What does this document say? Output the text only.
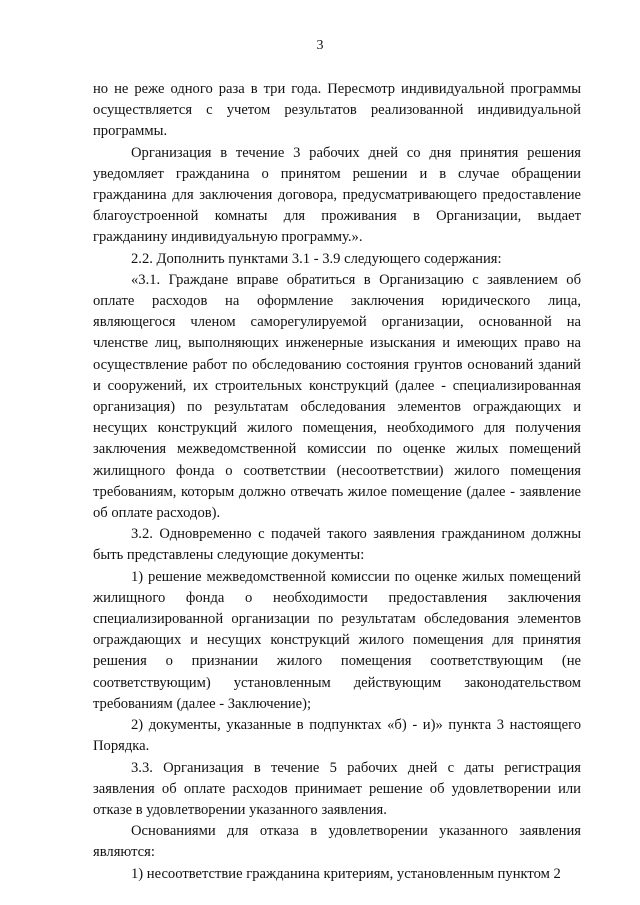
3

но не реже одного раза в три года. Пересмотр индивидуальной программы осуществляется с учетом результатов реализованной индивидуальной программы.

Организация в течение 3 рабочих дней со дня принятия решения уведомляет гражданина о принятом решении и в случае обращении гражданина для заключения договора, предусматривающего предоставление благоустроенной комнаты для проживания в Организации, выдает гражданину индивидуальную программу.».

2.2. Дополнить пунктами 3.1 - 3.9 следующего содержания:

«3.1. Граждане вправе обратиться в Организацию с заявлением об оплате расходов на оформление заключения юридического лица, являющегося членом саморегулируемой организации, основанной на членстве лиц, выполняющих инженерные изыскания и имеющих право на осуществление работ по обследованию состояния грунтов оснований зданий и сооружений, их строительных конструкций (далее - специализированная организация) по результатам обследования элементов ограждающих и несущих конструкций жилого помещения, необходимого для получения заключения межведомственной комиссии по оценке жилых помещений жилищного фонда о соответствии (несоответствии) жилого помещения требованиям, которым должно отвечать жилое помещение (далее - заявление об оплате расходов).

3.2. Одновременно с подачей такого заявления гражданином должны быть представлены следующие документы:

1) решение межведомственной комиссии по оценке жилых помещений жилищного фонда о необходимости предоставления заключения специализированной организации по результатам обследования элементов ограждающих и несущих конструкций жилого помещения для принятия решения о признании жилого помещения соответствующим (не соответствующим) установленным действующим законодательством требованиям (далее - Заключение);

2) документы, указанные в подпунктах «б) - и)» пункта 3 настоящего Порядка.

3.3. Организация в течение 5 рабочих дней с даты регистрация заявления об оплате расходов принимает решение об удовлетворении или отказе в удовлетворении указанного заявления.

Основаниями для отказа в удовлетворении указанного заявления являются:

1) несоответствие гражданина критериям, установленным пунктом 2
